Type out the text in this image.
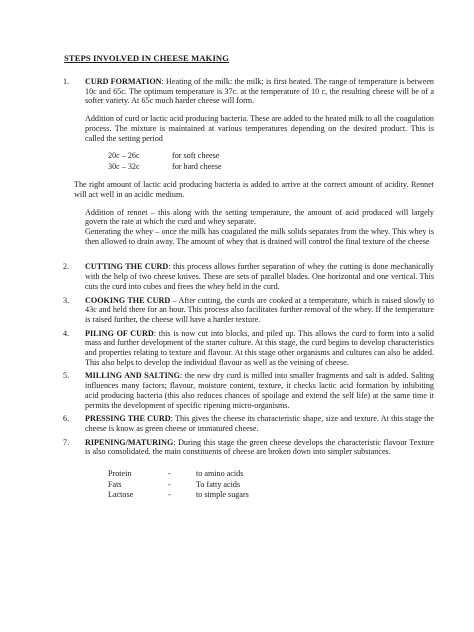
STEPS INVOLVED IN CHEESE MAKING
1. CURD FORMATION: Heating of the milk: the milk; is first heated. The range of temperature is between 10c and 65c. The optimum temperature is 37c. at the temperature of 10 c, the resulting cheese will be of a softer variety. At 65c much harder cheese will form.

Addition of curd or lactic acid producing bacteria. These are added to the heated milk to all the coagulation process. The mixture is maintained at various temperatures depending on the desired product. This is called the setting period

20c – 26c	for soft cheese
30c – 32c	for hard cheese

The right amount of lactic acid producing bacteria is added to arrive at the correct amount of acidity. Rennet will act well in an acidic medium.

Addition of rennet – this along with the setting temperature, the amount of acid produced will largely govern the rate at which the curd and whey separate.

Generating the whey – once the milk has coagulated the milk solids separates from the whey. This whey is then allowed to drain away. The amount of whey that is drained will control the final texture of the cheese

2. CUTTING THE CURD: this process allows further separation of whey the cutting is done mechanically with the help of two cheese knives. These are sets of parallel blades. One horizontal and one vertical. This cuts the curd into cubes and frees the whey held in the curd.

3. COOKING THE CURD – After cutting, the curds are cooked at a temperature, which is raised slowly to 43c and held there for an hour. This process also facilitates further removal of the whey. If the temperature is raised further, the cheese will have a harder texture.

4. PILING OF CURD: this is now cut into blocks, and piled up. This allows the curd to form into a solid mass and further development of the starter culture. At this stage, the curd begins to develop characteristics and properties relating to texture and flavour. At this stage other organisms and cultures can also be added. This also helps to develop the individual flavour as well as the veining of cheese.

5. MILLING AND SALTING: the new dry curd is milled into smaller fragments and salt is added. Salting influences many factors; flavour, moisture content, texture, it checks lactic acid formation by inhibiting acid producing bacteria (this also reduces chances of spoilage and extend the self life) at the same time it permits the development of specific ripening micro-organisms.

6. PRESSING THE CURD: This gives the cheese its characteristic shape, size and texture. At this stage the cheese is know as green cheese or immatured cheese.

7. RIPENING/MATURING: During this stage the green cheese develops the characteristic flavour Texture is also consolidated. the main constituents of cheese are broken down into simpler substances.

Protein	-	to amino acids
Fats	-	To fatty acids
Lactose	-	to simple sugars
